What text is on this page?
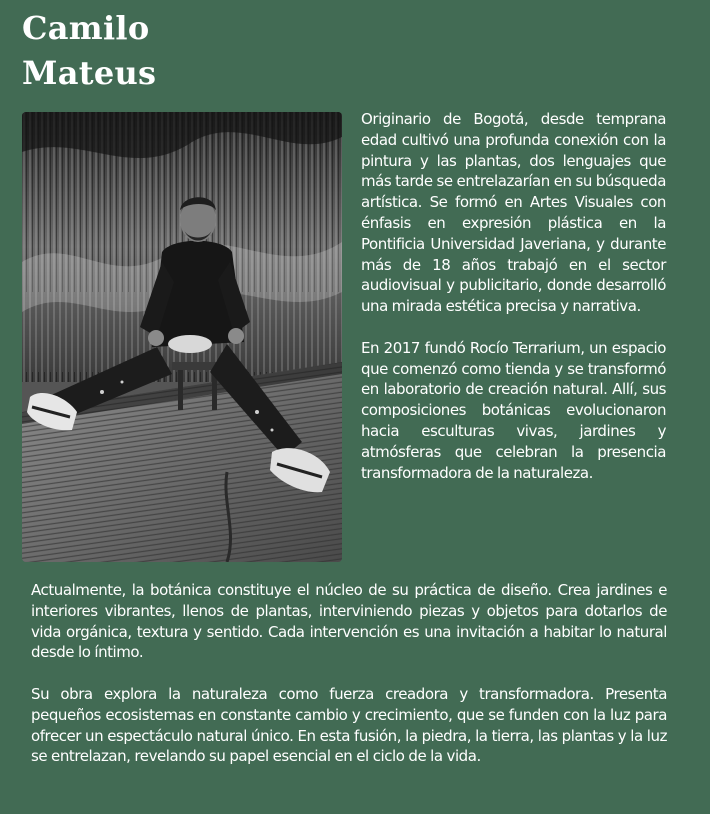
Camilo
Mateus

Originario de Bogotá, desde temprana edad cultivó una profunda conexión con la pintura y las plantas, dos lenguajes que más tarde se entrelazarían en su búsqueda artística. Se formó en Artes Visuales con énfasis en expresión plástica en la Pontificia Universidad Javeriana, y durante más de 18 años trabajó en el sector audiovisual y publicitario, donde desarrolló una mirada estética precisa y narrativa.

En 2017 fundó Rocío Terrarium, un espacio que comenzó como tienda y se transformó en laboratorio de creación natural. Allí, sus composiciones botánicas evolucionaron hacia esculturas vivas, jardines y atmósferas que celebran la presencia transformadora de la naturaleza.

Actualmente, la botánica constituye el núcleo de su práctica de diseño. Crea jardines e interiores vibrantes, llenos de plantas, interviniendo piezas y objetos para dotarlos de vida orgánica, textura y sentido. Cada intervención es una invitación a habitar lo natural desde lo íntimo.

Su obra explora la naturaleza como fuerza creadora y transformadora. Presenta pequeños ecosistemas en constante cambio y crecimiento, que se funden con la luz para ofrecer un espectáculo natural único. En esta fusión, la piedra, la tierra, las plantas y la luz se entrelazan, revelando su papel esencial en el ciclo de la vida.
